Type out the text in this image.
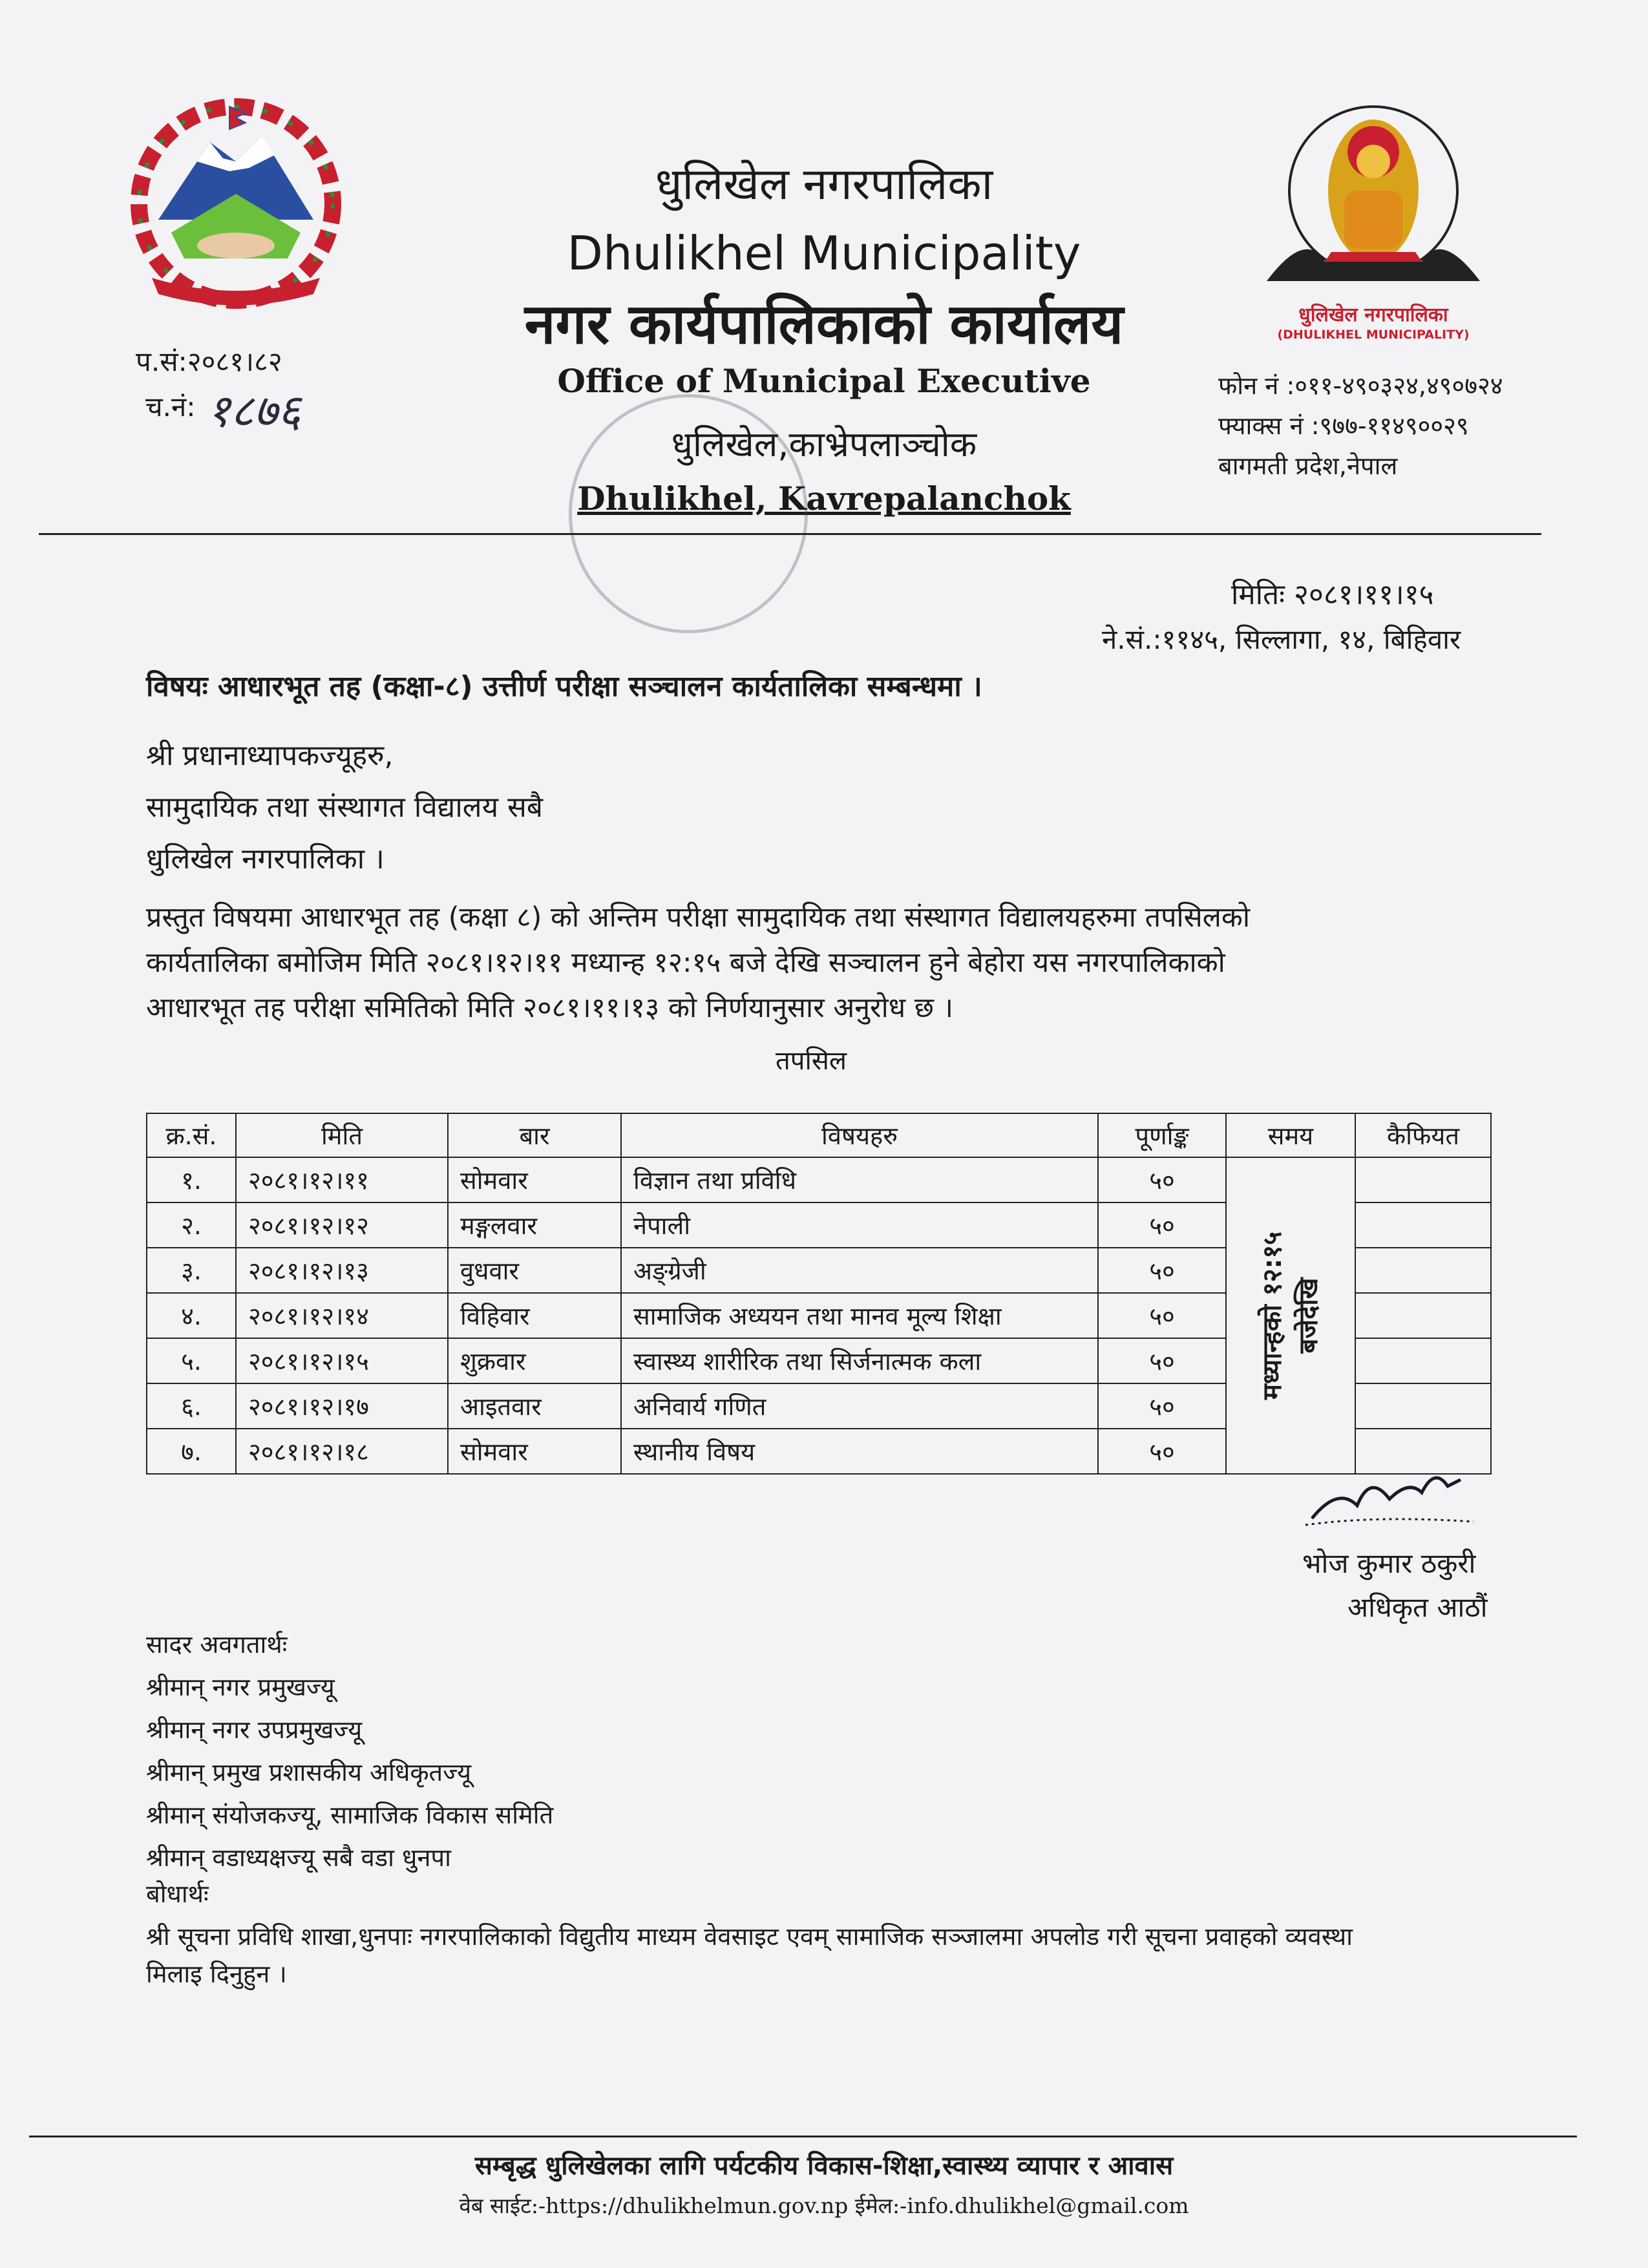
धुलिखेल नगरपालिका
(DHULIKHEL MUNICIPALITY)
धुलिखेल नगरपालिका
Dhulikhel Municipality
नगर कार्यपालिकाको कार्यालय
Office of Municipal Executive
धुलिखेल,काभ्रेपलाञ्चोक
Dhulikhel, Kavrepalanchok
प.सं:२०८१।८२
च.नं: १८७६	फोन नं :०११-४९०३२४,४९०७२४
फ्याक्स नं :९७७-११४९००२९
बागमती प्रदेश,नेपाल
मितिः २०८१।११।१५
ने.सं.:११४५, सिल्लागा, १४, बिहिवार
विषयः आधारभूत तह (कक्षा-८) उत्तीर्ण परीक्षा सञ्चालन कार्यतालिका सम्बन्धमा ।
श्री प्रधानाध्यापकज्यूहरु,
सामुदायिक तथा संस्थागत विद्यालय सबै
धुलिखेल नगरपालिका ।
प्रस्तुत विषयमा आधारभूत तह (कक्षा ८) को अन्तिम परीक्षा सामुदायिक तथा संस्थागत विद्यालयहरुमा तपसिलको
कार्यतालिका बमोजिम मिति २०८१।१२।११ मध्यान्ह १२:१५ बजे देखि सञ्चालन हुने बेहोरा यस नगरपालिकाको
आधारभूत तह परीक्षा समितिको मिति २०८१।११।१३ को निर्णयानुसार अनुरोध छ ।
तपसिल
क्र.सं.	मिति	बार	विषयहरु	पूर्णाङ्क	समय	कैफियत
१.	२०८१।१२।११	सोमवार	विज्ञान तथा प्रविधि	५०	मध्यान्हको १२:१५ बजेदेखि	

२.	२०८१।१२।१२	मङ्गलवार	नेपाली	५०		
३.	२०८१।१२।१३	वुधवार	अङ्ग्रेजी	५०		
४.	२०८१।१२।१४	विहिवार	सामाजिक अध्ययन तथा मानव मूल्य शिक्षा	५०		
५.	२०८१।१२।१५	शुक्रवार	स्वास्थ्य शारीरिक तथा सिर्जनात्मक कला	५०		
६.	२०८१।१२।१७	आइतवार	अनिवार्य गणित	५०		
७.	२०८१।१२।१८	सोमवार	स्थानीय विषय	५०		
भोज कुमार ठकुरी
अधिकृत आठौं
सादर अवगतार्थः
श्रीमान् नगर प्रमुखज्यू
श्रीमान् नगर उपप्रमुखज्यू
श्रीमान् प्रमुख प्रशासकीय अधिकृतज्यू
श्रीमान् संयोजकज्यू, सामाजिक विकास समिति
श्रीमान् वडाध्यक्षज्यू सबै वडा धुनपा
बोधार्थः
श्री सूचना प्रविधि शाखा,धुनपाः नगरपालिकाको विद्युतीय माध्यम वेवसाइट एवम् सामाजिक सञ्जालमा अपलोड गरी सूचना प्रवाहको व्यवस्था
मिलाइ दिनुहुन ।
सम्बृद्ध धुलिखेलका लागि पर्यटकीय विकास-शिक्षा,स्वास्थ्य व्यापार र आवास
वेब साईट:-https://dhulikhelmun.gov.np ईमेल:-info.dhulikhel@gmail.com
